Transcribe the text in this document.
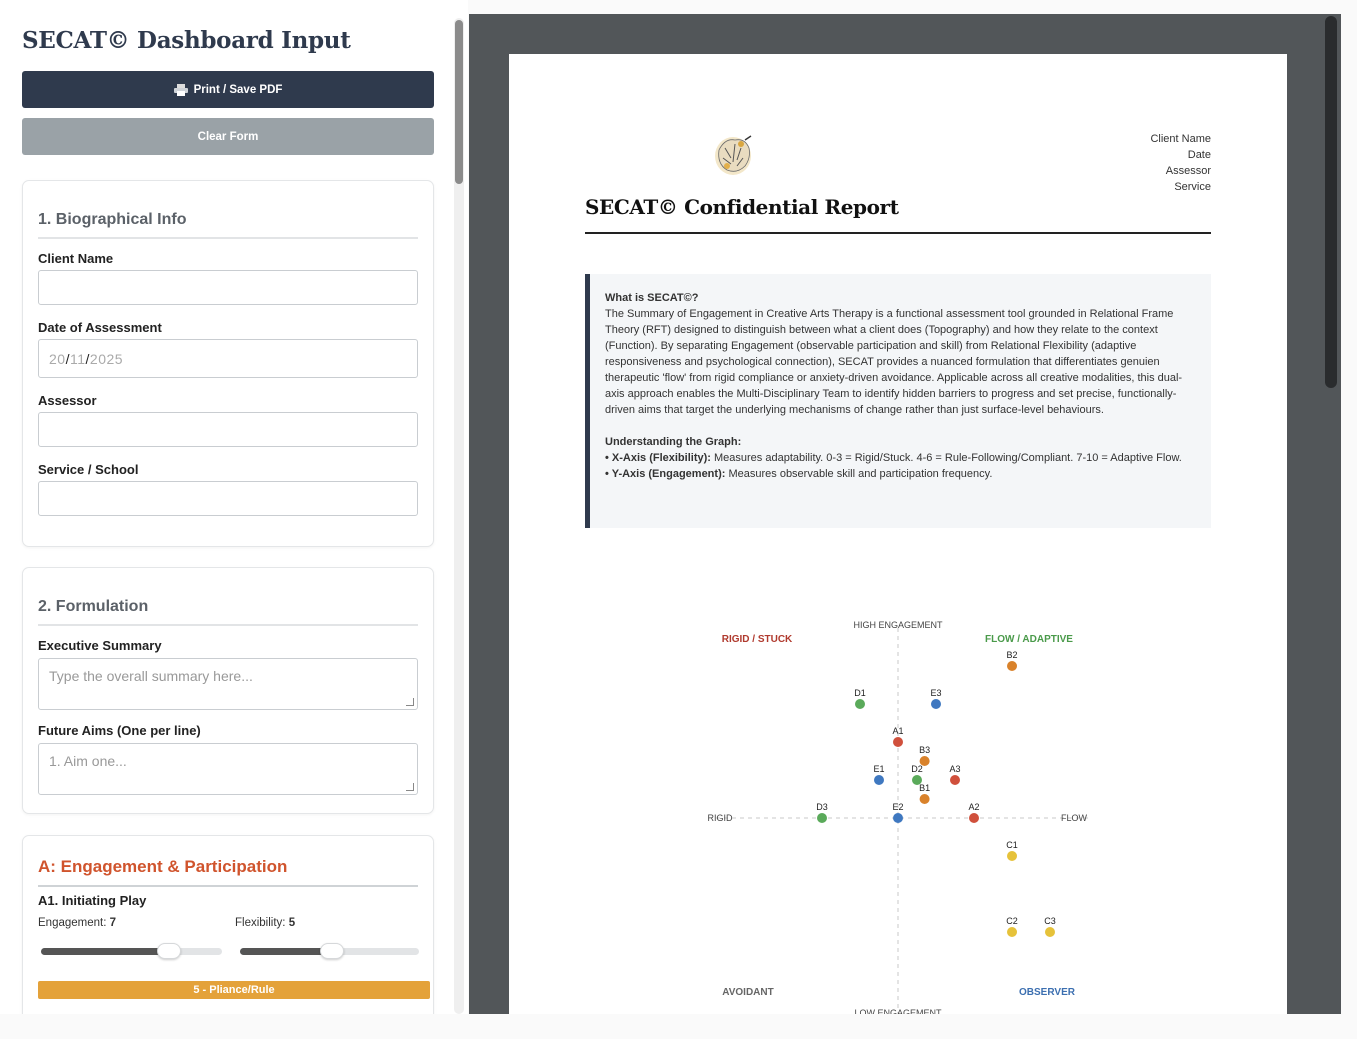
SECAT© Dashboard Input
Print / Save PDF
Clear Form
1. Biographical Info
Client Name
Date of Assessment
20/11/2025
Assessor
Service / School
2. Formulation
Executive Summary
Type the overall summary here...
Future Aims (One per line)
1. Aim one...
A: Engagement & Participation
A1. Initiating Play
Engagement: 7	Flexibility: 5
5 - Pliance/Rule
Client Name
Date
Assessor
Service
SECAT© Confidential Report

What is SECAT©?

The Summary of Engagement in Creative Arts Therapy is a functional assessment tool grounded in Relational Frame Theory (RFT) designed to distinguish between what a client does (Topography) and how they relate to the context (Function). By separating Engagement (observable participation and skill) from Relational Flexibility (adaptive responsiveness and psychological connection), SECAT provides a nuanced formulation that differentiates genuien therapeutic 'flow' from rigid compliance or anxiety-driven avoidance. Applicable across all creative modalities, this dual-axis approach enables the Multi-Disciplinary Team to identify hidden barriers to progress and set precise, functionally-driven aims that target the underlying mechanisms of change rather than just surface-level behaviours.

Understanding the Graph:

• X-Axis (Flexibility): Measures adaptability. 0-3 = Rigid/Stuck. 4-6 = Rule-Following/Compliant. 7-10 = Adaptive Flow.

• Y-Axis (Engagement): Measures observable skill and participation frequency.

HIGH ENGAGEMENT
LOW ENGAGEMENT
RIGID	FLOW
RIGID / STUCK	FLOW / ADAPTIVE
AVOIDANT	OBSERVER
A1
A2
A3
B1
B2
B3
C1
C2	C3
D1
D2
D3
E1
E2
E3
